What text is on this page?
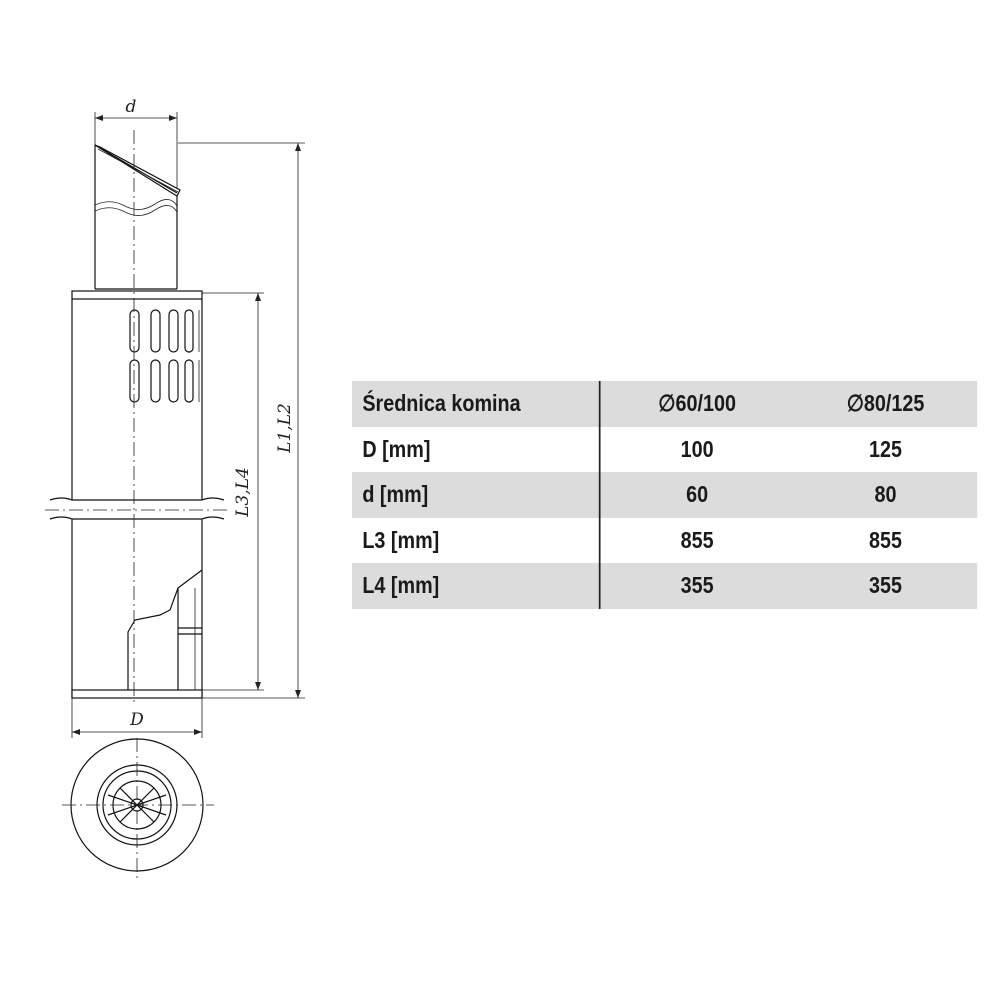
d
L3,L4
L1,L2
D
Średnica komina	∅60/100	∅80/125
D [mm]	100	125
d [mm]	60	80
L3 [mm]	855	855
L4 [mm]	355	355
